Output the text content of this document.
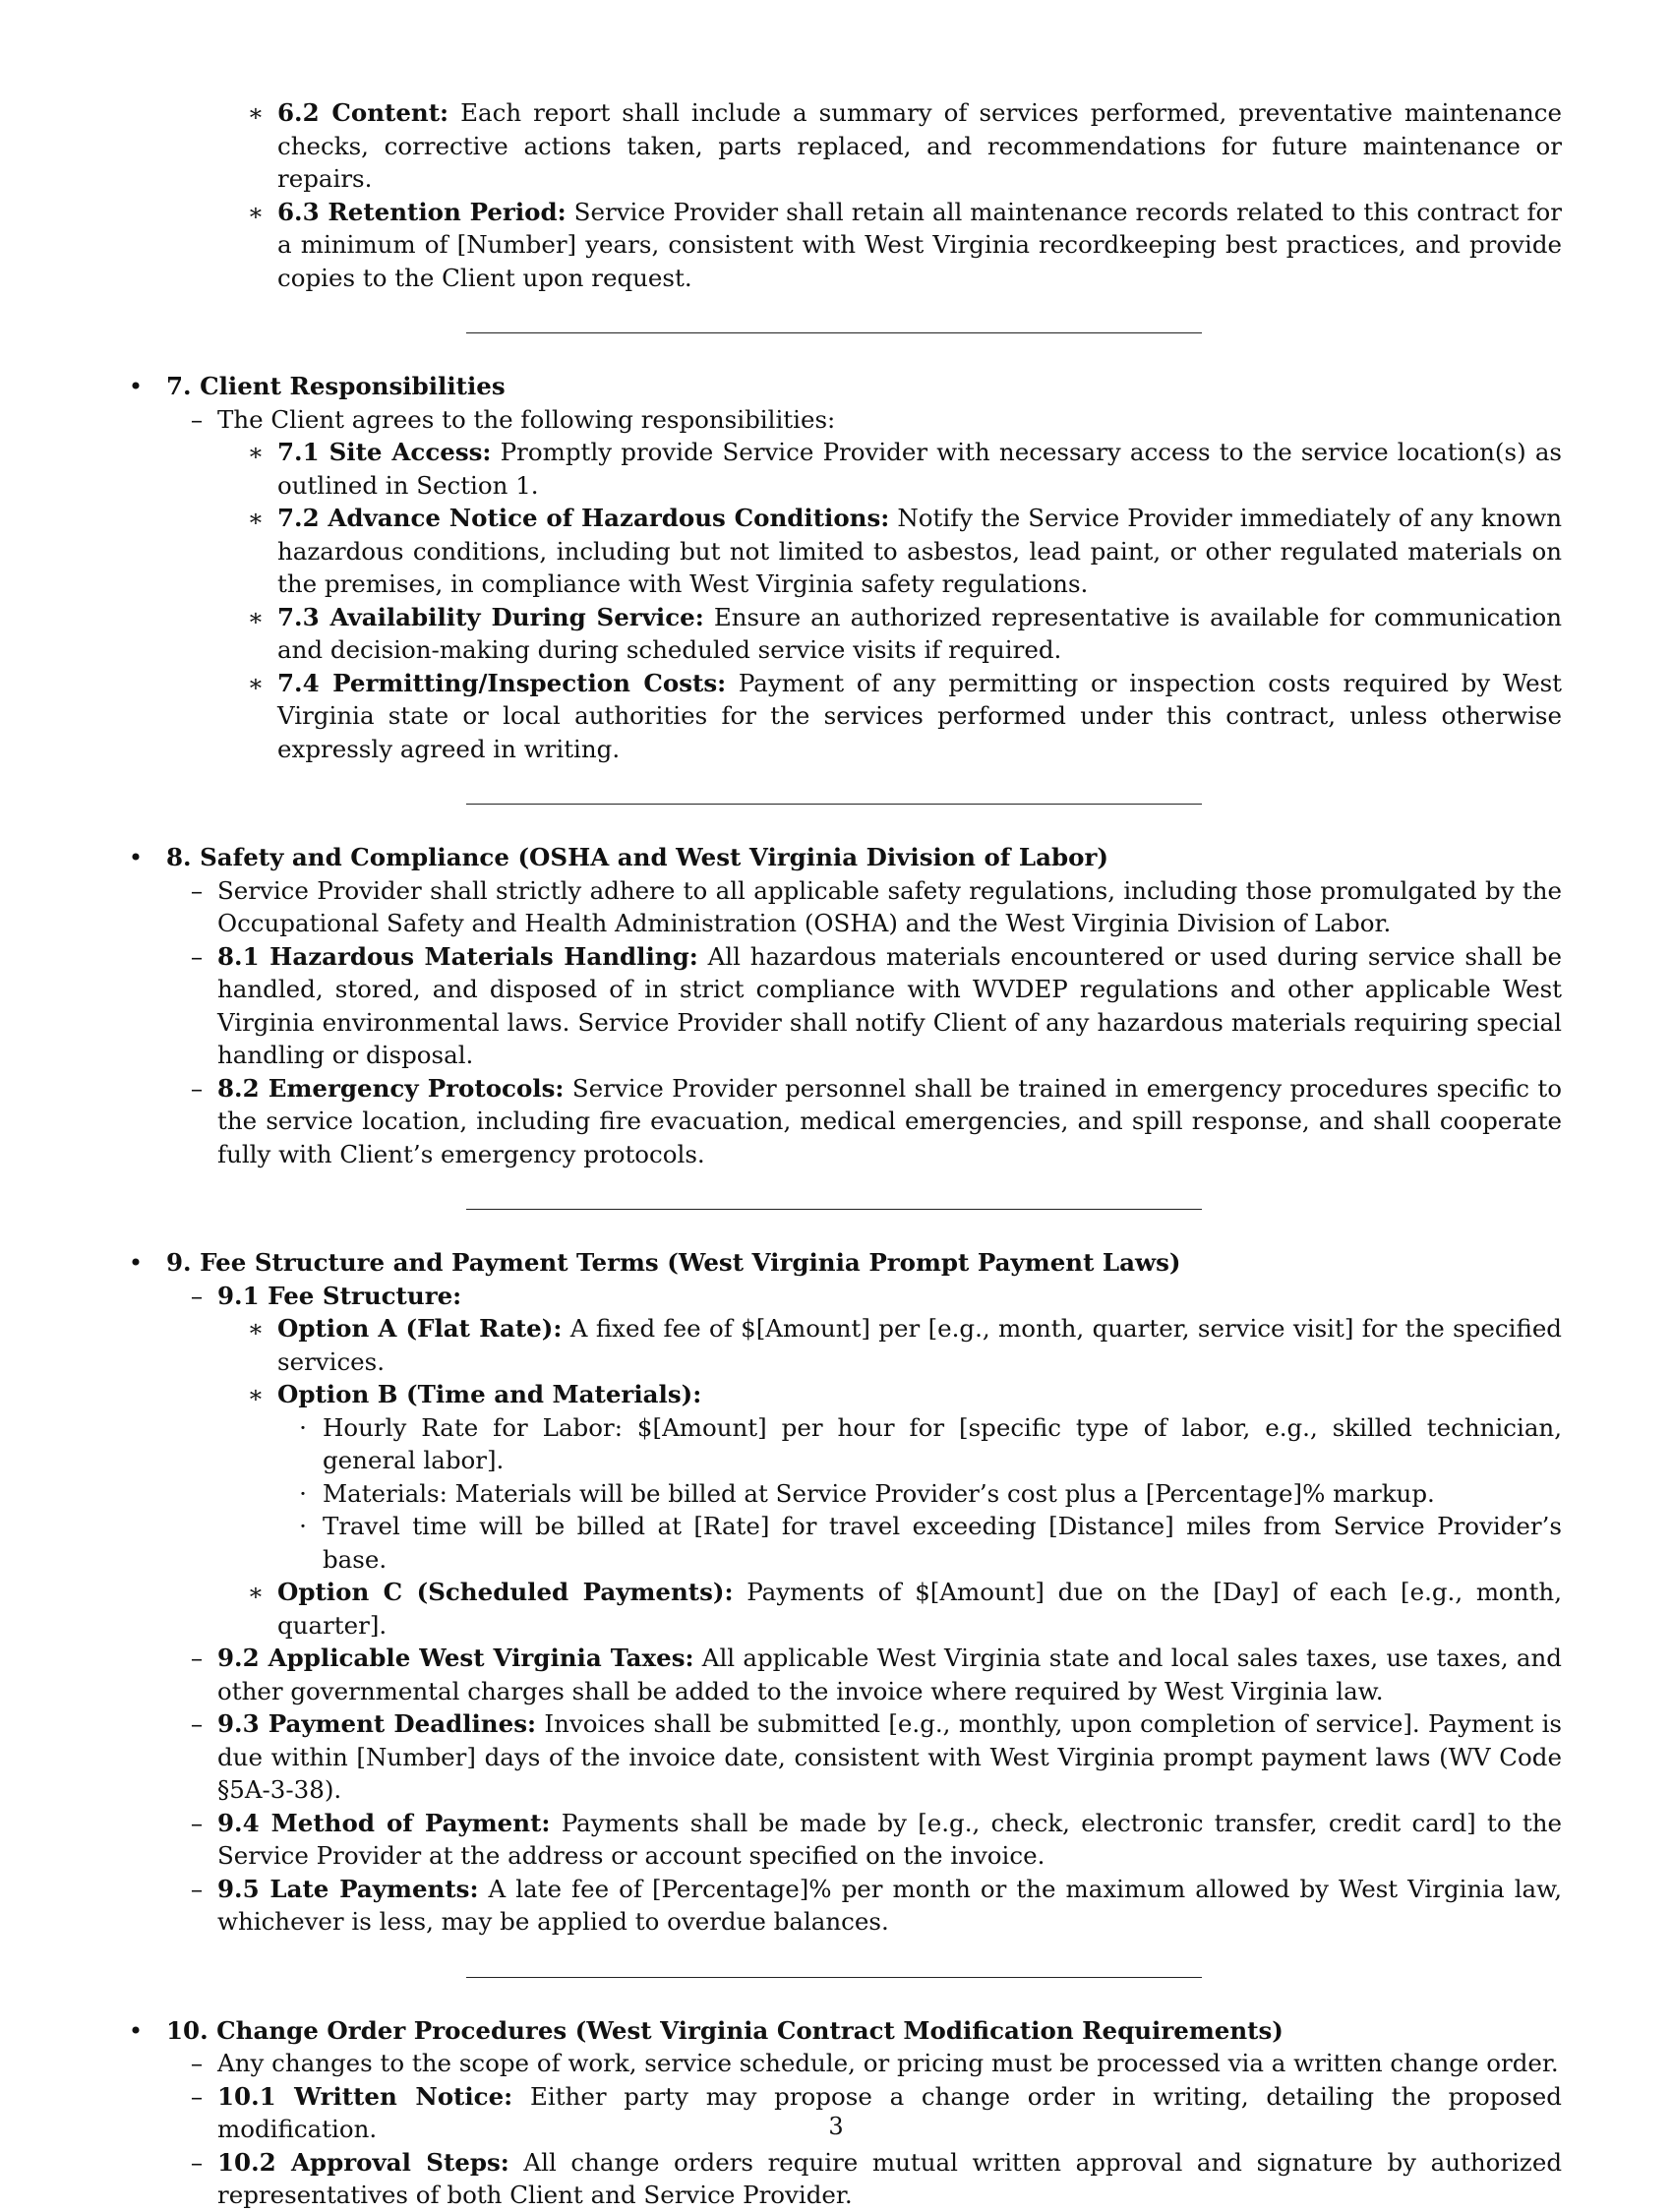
∗ 6.2 Content: Each report shall include a summary of services performed, preventative maintenance checks, corrective actions taken, parts replaced, and recommendations for future maintenance or repairs.
∗ 6.3 Retention Period: Service Provider shall retain all maintenance records related to this contract for a minimum of [Number] years, consistent with West Virginia recordkeeping best practices, and provide copies to the Client upon request.
• 7. Client Responsibilities
– The Client agrees to the following responsibilities:
∗ 7.1 Site Access: Promptly provide Service Provider with necessary access to the service location(s) as outlined in Section 1.
∗ 7.2 Advance Notice of Hazardous Conditions: Notify the Service Provider immediately of any known hazardous conditions, including but not limited to asbestos, lead paint, or other regulated materials on the premises, in compliance with West Virginia safety regulations.
∗ 7.3 Availability During Service: Ensure an authorized representative is available for communication and decision-making during scheduled service visits if required.
∗ 7.4 Permitting/Inspection Costs: Payment of any permitting or inspection costs required by West Virginia state or local authorities for the services performed under this contract, unless otherwise expressly agreed in writing.
• 8. Safety and Compliance (OSHA and West Virginia Division of Labor)
– Service Provider shall strictly adhere to all applicable safety regulations, including those promulgated by the Occupational Safety and Health Administration (OSHA) and the West Virginia Division of Labor.
– 8.1 Hazardous Materials Handling: All hazardous materials encountered or used during service shall be handled, stored, and disposed of in strict compliance with WVDEP regulations and other applicable West Virginia environmental laws. Service Provider shall notify Client of any hazardous materials requiring special handling or disposal.
– 8.2 Emergency Protocols: Service Provider personnel shall be trained in emergency procedures specific to the service location, including fire evacuation, medical emergencies, and spill response, and shall cooperate fully with Client’s emergency protocols.
• 9. Fee Structure and Payment Terms (West Virginia Prompt Payment Laws)
– 9.1 Fee Structure:
∗ Option A (Flat Rate): A fixed fee of $[Amount] per [e.g., month, quarter, service visit] for the specified services.
∗ Option B (Time and Materials):
· Hourly Rate for Labor: $[Amount] per hour for [specific type of labor, e.g., skilled technician, general labor].
· Materials: Materials will be billed at Service Provider’s cost plus a [Percentage]% markup.
· Travel time will be billed at [Rate] for travel exceeding [Distance] miles from Service Provider’s base.
∗ Option C (Scheduled Payments): Payments of $[Amount] due on the [Day] of each [e.g., month, quarter].
– 9.2 Applicable West Virginia Taxes: All applicable West Virginia state and local sales taxes, use taxes, and other governmental charges shall be added to the invoice where required by West Virginia law.
– 9.3 Payment Deadlines: Invoices shall be submitted [e.g., monthly, upon completion of service]. Payment is due within [Number] days of the invoice date, consistent with West Virginia prompt payment laws (WV Code §5A-3-38).
– 9.4 Method of Payment: Payments shall be made by [e.g., check, electronic transfer, credit card] to the Service Provider at the address or account specified on the invoice.
– 9.5 Late Payments: A late fee of [Percentage]% per month or the maximum allowed by West Virginia law, whichever is less, may be applied to overdue balances.
• 10. Change Order Procedures (West Virginia Contract Modification Requirements)
– Any changes to the scope of work, service schedule, or pricing must be processed via a written change order.
– 10.1 Written Notice: Either party may propose a change order in writing, detailing the proposed modification.
– 10.2 Approval Steps: All change orders require mutual written approval and signature by authorized representatives of both Client and Service Provider.
3
